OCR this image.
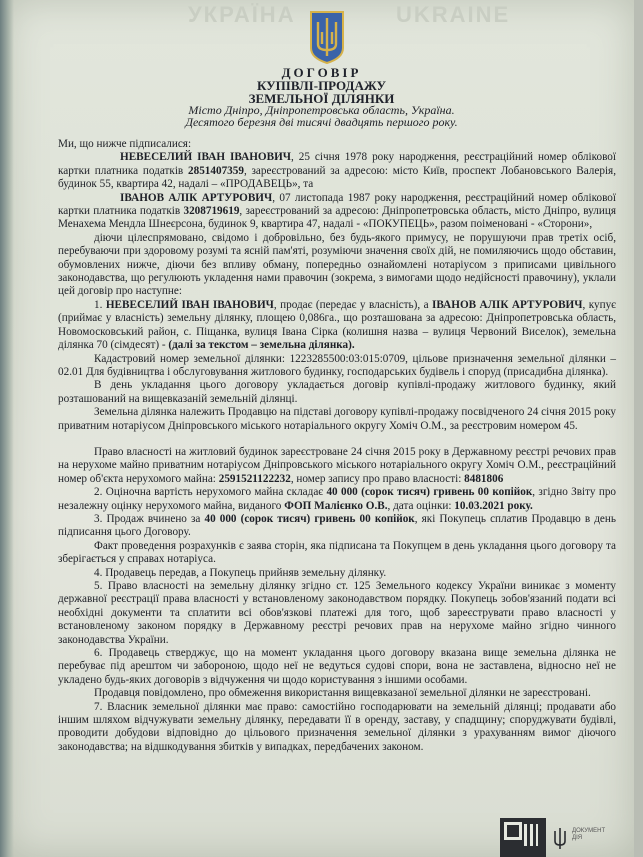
УКРАЇНА	UKRAINE
ДОГОВІР
КУПІВЛІ-ПРОДАЖУ
ЗЕМЕЛЬНОЇ ДІЛЯНКИ
Місто Дніпро, Дніпропетровська область, Україна.
Десятого березня дві тисячі двадцять першого року.

Ми, що нижче підписалися:

НЕВЕСЕЛИЙ ІВАН ІВАНОВИЧ, 25 січня 1978 року народження, реєстраційний номер облікової картки платника податків 2851407359, зареєстрований за адресою: місто Київ, проспект Лобановського Валерія, будинок 55, квартира 42, надалі – «ПРОДАВЕЦЬ», та

ІВАНОВ АЛІК АРТУРОВИЧ, 07 листопада 1987 року народження, реєстраційний номер облікової картки платника податків 3208719619, зареєстрований за адресою: Дніпропетровська область, місто Дніпро, вулиця Менахема Мендла Шнеєрсона, будинок 9, квартира 47, надалі - «ПОКУПЕЦЬ», разом поіменовані - «Сторони»,

діючи цілеспрямовано, свідомо і добровільно, без будь-якого примусу, не порушуючи прав третіх осіб, перебуваючи при здоровому розумі та ясній пам'яті, розуміючи значення своїх дій, не помиляючись щодо обставин, обумовлених нижче, діючи без впливу обману, попередньо ознайомлені нотаріусом з приписами цивільного законодавства, що регулюють укладення нами правочин (зокрема, з вимогами щодо недійсності правочину), уклали цей договір про наступне:

1. НЕВЕСЕЛИЙ ІВАН ІВАНОВИЧ, продає (передає у власність), а ІВАНОВ АЛІК АРТУРОВИЧ, купує (приймає у власність) земельну ділянку, площею 0,086га., що розташована за адресою: Дніпропетровська область, Новомосковський район, с. Піщанка, вулиця Івана Сірка (колишня назва – вулиця Червоний Виселок), земельна ділянка 70 (сімдесят) - (далі за текстом – земельна ділянка).

Кадастровий номер земельної ділянки: 1223285500:03:015:0709, цільове призначення земельної ділянки – 02.01 Для будівництва і обслуговування житлового будинку, господарських будівель і споруд (присадибна ділянка).

В день укладання цього договору укладається договір купівлі-продажу житлового будинку, який розташований на вищевказаній земельній ділянці.

Земельна ділянка належить Продавцю на підставі договору купівлі-продажу посвідченого 24 січня 2015 року приватним нотаріусом Дніпровського міського нотаріального округу Хоміч О.М., за реєстровим номером 45.

Право власності на житловий будинок зареєстроване 24 січня 2015 року в Державному реєстрі речових прав на нерухоме майно приватним нотаріусом Дніпровського міського нотаріального округу Хоміч О.М., реєстраційний номер об'єкта нерухомого майна: 2591521122232, номер запису про право власності: 8481806

2. Оціночна вартість нерухомого майна складає 40 000 (сорок тисяч) гривень 00 копійок, згідно Звіту про незалежну оцінку нерухомого майна, виданого ФОП Малієнко О.В., дата оцінки: 10.03.2021 року.

3. Продаж вчинено за 40 000 (сорок тисяч) гривень 00 копійок, які Покупець сплатив Продавцю в день підписання цього Договору.

Факт проведення розрахунків є заява сторін, яка підписана та Покупцем в день укладання цього договору та зберігається у справах нотаріуса.

4. Продавець передав, а Покупець прийняв земельну ділянку.

5. Право власності на земельну ділянку згідно ст. 125 Земельного кодексу України виникає з моменту державної реєстрації права власності у встановленому законодавством порядку. Покупець зобов'язаний подати всі необхідні документи та сплатити всі обов'язкові платежі для того, щоб зареєструвати право власності у встановленому законом порядку в Державному реєстрі речових прав на нерухоме майно згідно чинного законодавства України.

6. Продавець стверджує, що на момент укладання цього договору вказана вище земельна ділянка не перебуває під арештом чи забороною, щодо неї не ведуться судові спори, вона не заставлена, відносно неї не укладено будь-яких договорів з відчуження чи щодо користування з іншими особами.

Продавця повідомлено, про обмеження використання вищевказаної земельної ділянки не зареєстровані.

7. Власник земельної ділянки має право: самостійно господарювати на земельній ділянці; продавати або іншим шляхом відчужувати земельну ділянку, передавати її в оренду, заставу, у спадщину; споруджувати будівлі, проводити добудови відповідно до цільового призначення земельної ділянки з урахуванням вимог діючого законодавства; на відшкодування збитків у випадках, передбачених законом.

ДОКУМЕНТ ДІЯ
